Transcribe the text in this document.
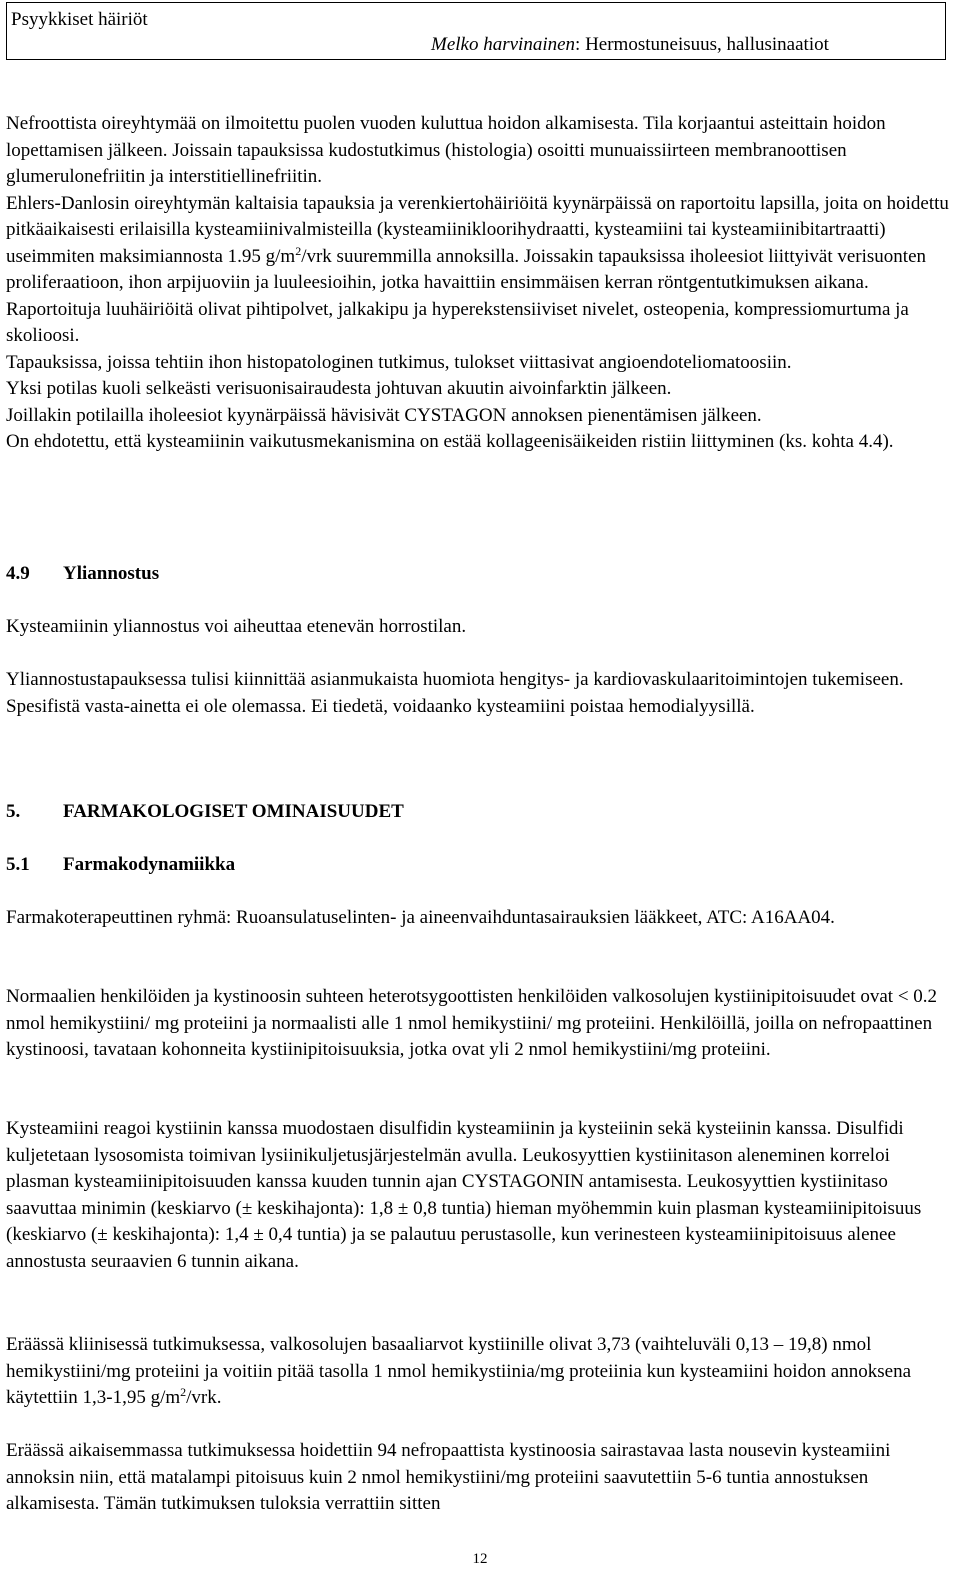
Psyykkiset häiriöt
Melko harvinainen: Hermostuneisuus, hallusinaatiot

Nefroottista oireyhtymää on ilmoitettu puolen vuoden kuluttua hoidon alkamisesta. Tila korjaantui asteittain hoidon lopettamisen jälkeen. Joissain tapauksissa kudostutkimus (histologia) osoitti munuaissiirteen membranoottisen glumerulonefriitin ja interstitiellinefriitin.

Ehlers-Danlosin oireyhtymän kaltaisia tapauksia ja verenkiertohäiriöitä kyynärpäissä on raportoitu lapsilla, joita on hoidettu pitkäaikaisesti erilaisilla kysteamiinivalmisteilla (kysteamiinikloorihydraatti, kysteamiini tai kysteamiinibitartraatti) useimmiten maksimiannosta 1.95 $g/m^2$/vrk suuremmilla annoksilla. Joissakin tapauksissa iholeesiot liittyivät verisuonten proliferaatioon, ihon arpijuoviin ja luuleesioihin, jotka havaittiin ensimmäisen kerran röntgentutkimuksen aikana. Raportoituja luuhäiriöitä olivat pihtipolvet, jalkakipu ja hyperekstensiiviset nivelet, osteopenia, kompressiomurtuma ja skolioosi.

Tapauksissa, joissa tehtiin ihon histopatologinen tutkimus, tulokset viittasivat angioendoteliomatoosiin.

Yksi potilas kuoli selkeästi verisuonisairaudesta johtuvan akuutin aivoinfarktin jälkeen.

Joillakin potilailla iholeesiot kyynärpäissä hävisivät CYSTAGON annoksen pienentämisen jälkeen.

On ehdotettu, että kysteamiinin vaikutusmekanismina on estää kollageenisäikeiden ristiin liittyminen (ks. kohta 4.4).

4.9 Yliannostus

Kysteamiinin yliannostus voi aiheuttaa etenevän horrostilan.

Yliannostustapauksessa tulisi kiinnittää asianmukaista huomiota hengitys- ja kardiovaskulaaritoimintojen tukemiseen. Spesifistä vasta-ainetta ei ole olemassa. Ei tiedetä, voidaanko kysteamiini poistaa hemodialyysillä.

5. FARMAKOLOGISET OMINAISUUDET
5.1 Farmakodynamiikka

Farmakoterapeuttinen ryhmä: Ruoansulatuselinten- ja aineenvaihduntasairauksien lääkkeet, ATC: A16AA04.

Normaalien henkilöiden ja kystinoosin suhteen heterotsygoottisten henkilöiden valkosolujen kystiinipitoisuudet ovat < 0.2 nmol hemikystiini/ mg proteiini ja normaalisti alle 1 nmol hemikystiini/ mg proteiini. Henkilöillä, joilla on nefropaattinen kystinoosi, tavataan kohonneita kystiinipitoisuuksia, jotka ovat yli 2 nmol hemikystiini/mg proteiini.

Kysteamiini reagoi kystiinin kanssa muodostaen disulfidin kysteamiinin ja kysteiinin sekä kysteiinin kanssa. Disulfidi kuljetetaan lysosomista toimivan lysiinikuljetusjärjestelmän avulla. Leukosyyttien kystiinitason aleneminen korreloi plasman kysteamiinipitoisuuden kanssa kuuden tunnin ajan CYSTAGONIN antamisesta. Leukosyyttien kystiinitaso saavuttaa minimin (keskiarvo (± keskihajonta): 1,8 ± 0,8 tuntia) hieman myöhemmin kuin plasman kysteamiinipitoisuus (keskiarvo (± keskihajonta): 1,4 ± 0,4 tuntia) ja se palautuu perustasolle, kun verinesteen kysteamiinipitoisuus alenee annostusta seuraavien 6 tunnin aikana.

Eräässä kliinisessä tutkimuksessa, valkosolujen basaaliarvot kystiinille olivat 3,73 (vaihteluväli 0,13 – 19,8) nmol hemikystiini/mg proteiini ja voitiin pitää tasolla 1 nmol hemikystiinia/mg proteiinia kun kysteamiini hoidon annoksena käytettiin 1,3-1,95 $g/m^2$/vrk.

Eräässä aikaisemmassa tutkimuksessa hoidettiin 94 nefropaattista kystinoosia sairastavaa lasta nousevin kysteamiini annoksin niin, että matalampi pitoisuus kuin 2 nmol hemikystiini/mg proteiini saavutettiin 5-6 tuntia annostuksen alkamisesta. Tämän tutkimuksen tuloksia verrattiin sitten

12
